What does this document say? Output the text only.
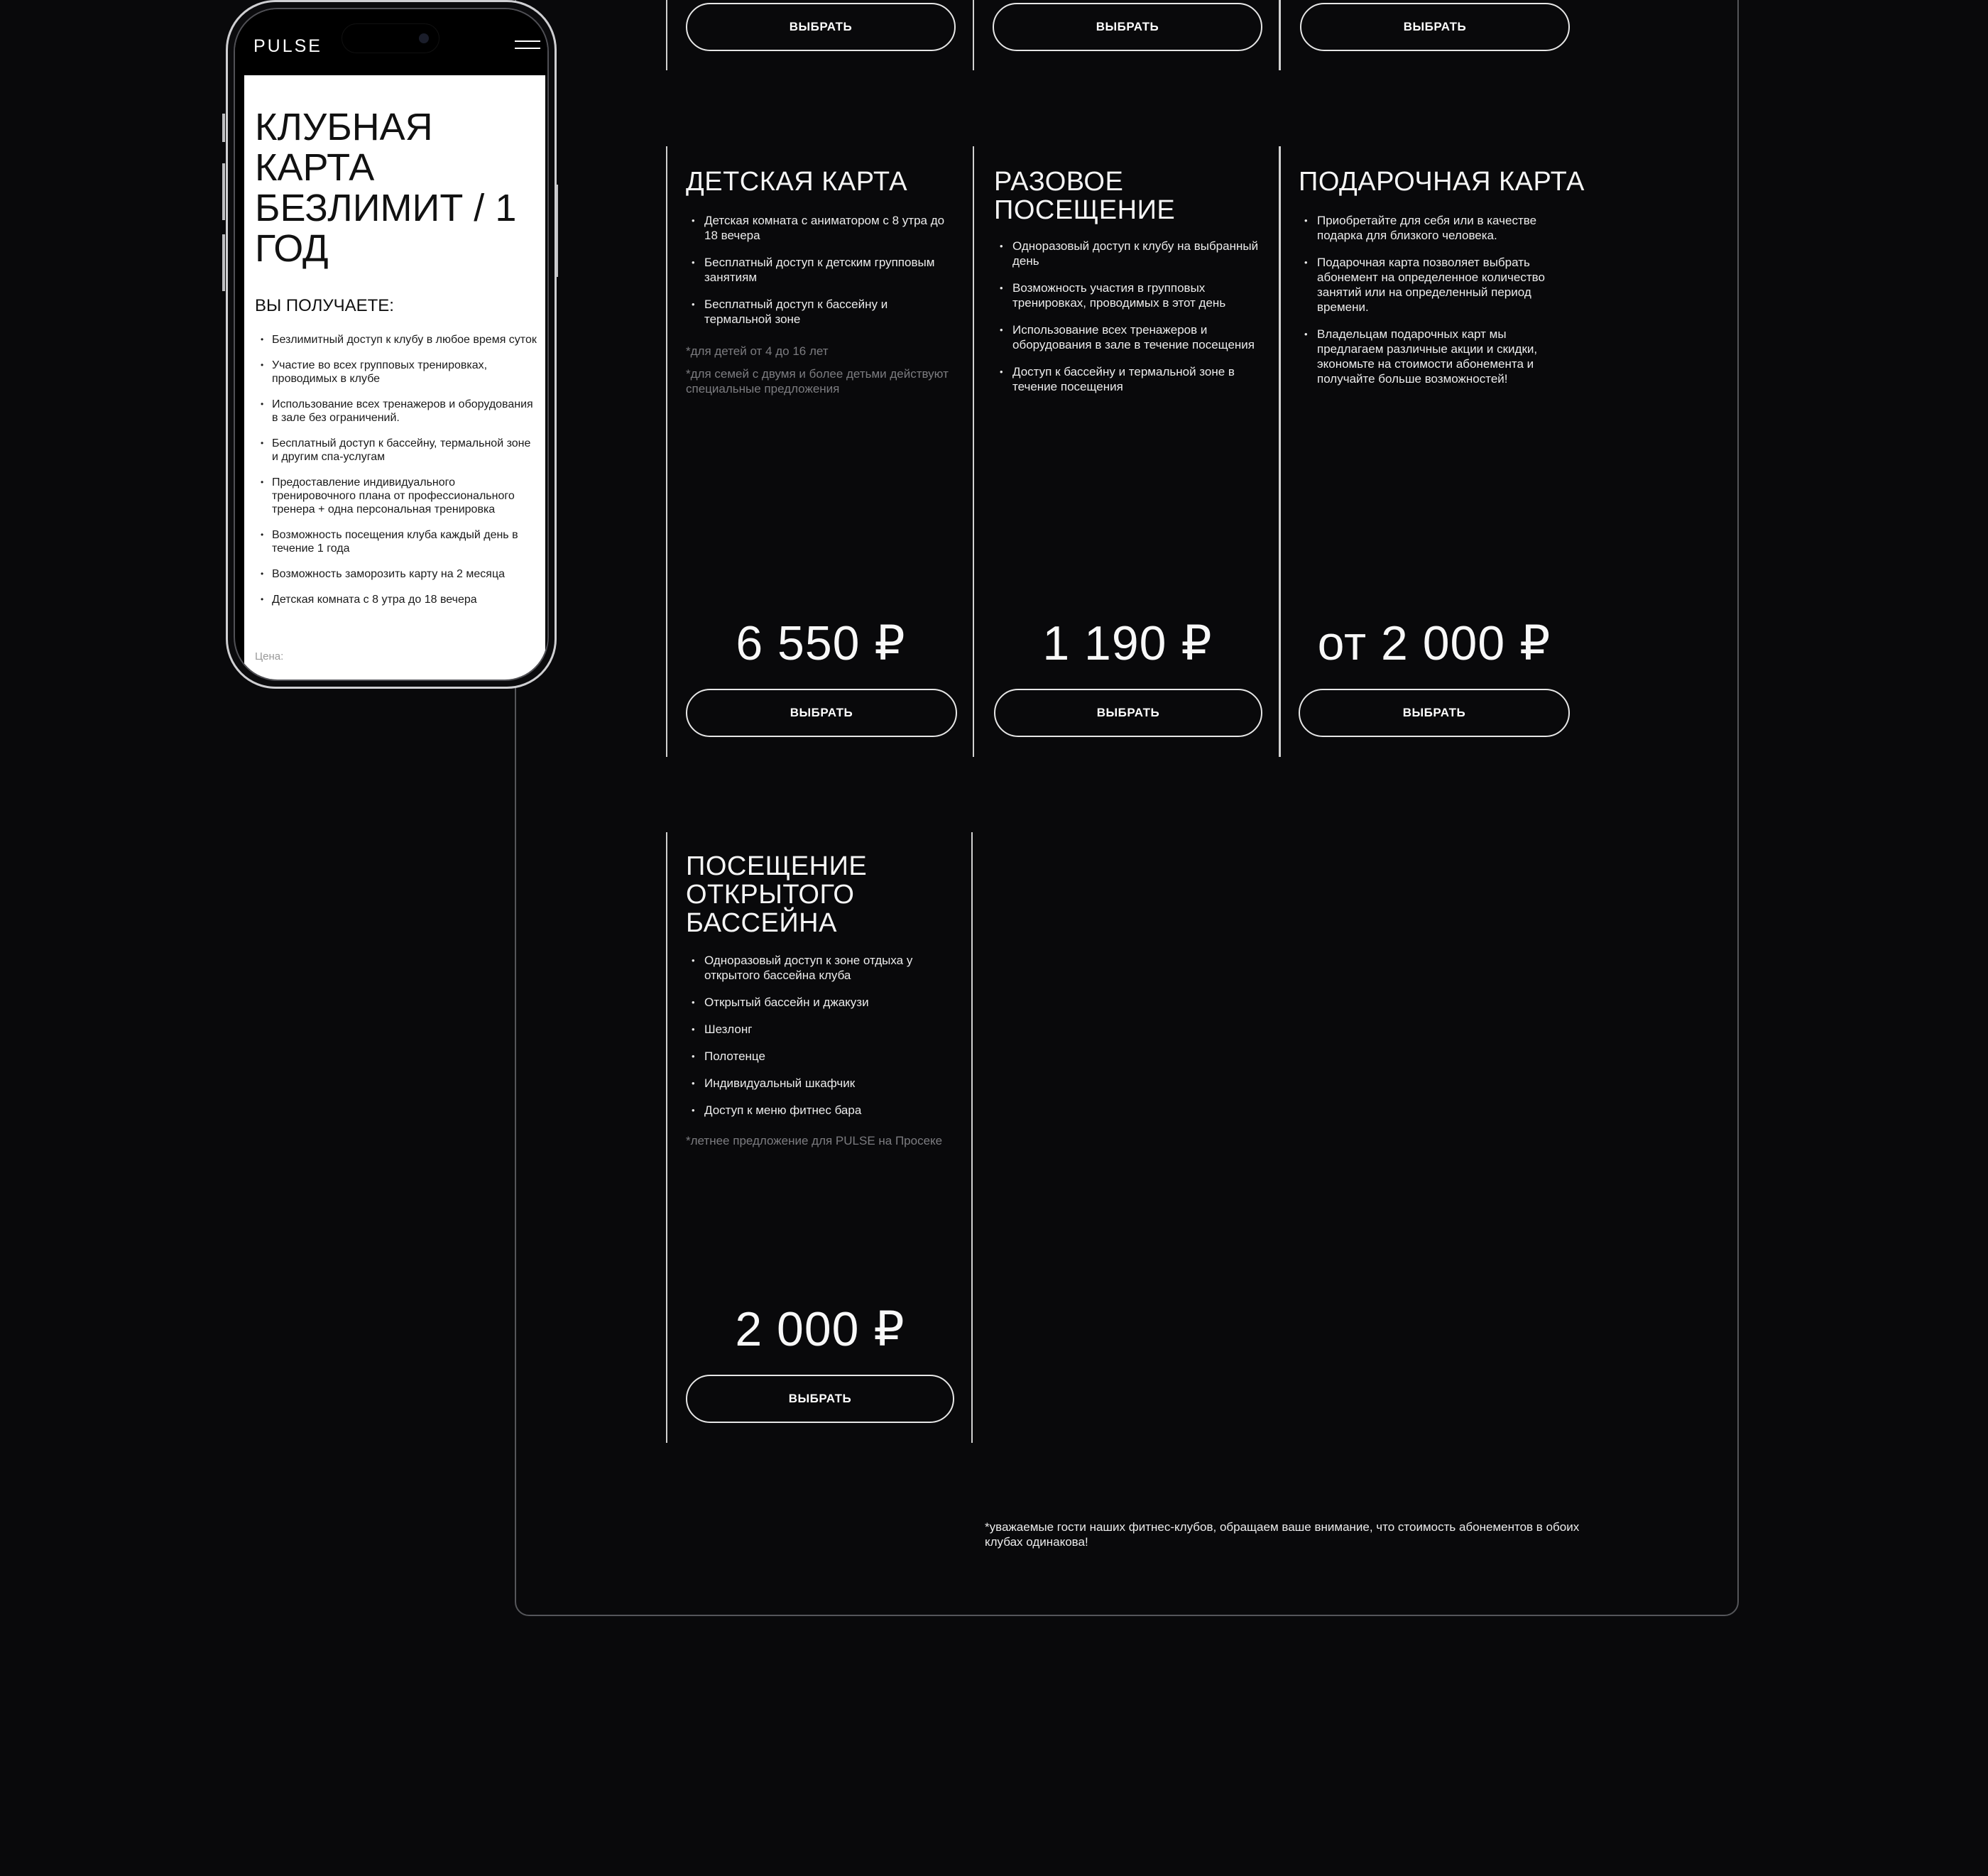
ВЫБРАТЬ	ВЫБРАТЬ	ВЫБРАТЬ
ДЕТСКАЯ КАРТА
• Детская комната с аниматором с 8 утра до 18 вечера
• Бесплатный доступ к детским групповым занятиям
• Бесплатный доступ к бассейну и термальной зоне

*для детей от 4 до 16 лет

*для семей с двумя и более детьми действуют специальные предложения

6 550 ₽
ВЫБРАТЬ
РАЗОВОЕ ПОСЕЩЕНИЕ
• Одноразовый доступ к клубу на выбранный день
• Возможность участия в групповых тренировках, проводимых в этот день
• Использование всех тренажеров и оборудования в зале в течение посещения
• Доступ к бассейну и термальной зоне в течение посещения
1 190 ₽
ВЫБРАТЬ
ПОДАРОЧНАЯ КАРТА
• Приобретайте для себя или в качестве подарка для близкого человека.
• Подарочная карта позволяет выбрать абонемент на определенное количество занятий или на определенный период времени.
• Владельцам подарочных карт мы предлагаем различные акции и скидки, экономьте на стоимости абонемента и получайте больше возможностей!
от 2 000 ₽
ВЫБРАТЬ
ПОСЕЩЕНИЕ ОТКРЫТОГО БАССЕЙНА
• Одноразовый доступ к зоне отдыха у открытого бассейна клуба
• Открытый бассейн и джакузи
• Шезлонг
• Полотенце
• Индивидуальный шкафчик
• Доступ к меню фитнес бара

*летнее предложение для PULSE на Просеке

2 000 ₽
ВЫБРАТЬ
*уважаемые гости наших фитнес-клубов, обращаем ваше внимание, что стоимость абонементов в обоих клубах одинакова!
PULSE
КЛУБНАЯ КАРТА БЕЗЛИМИТ / 1 ГОД

ВЫ ПОЛУЧАЕТЕ:

• Безлимитный доступ к клубу в любое время суток
• Участие во всех групповых тренировках, проводимых в клубе
• Использование всех тренажеров и оборудования в зале без ограничений.
• Бесплатный доступ к бассейну, термальной зоне и другим спа-услугам
• Предоставление индивидуального тренировочного плана от профессионального тренера + одна персональная тренировка
• Возможность посещения клуба каждый день в течение 1 года
• Возможность заморозить карту на 2 месяца
• Детская комната с 8 утра до 18 вечера
Цена:
